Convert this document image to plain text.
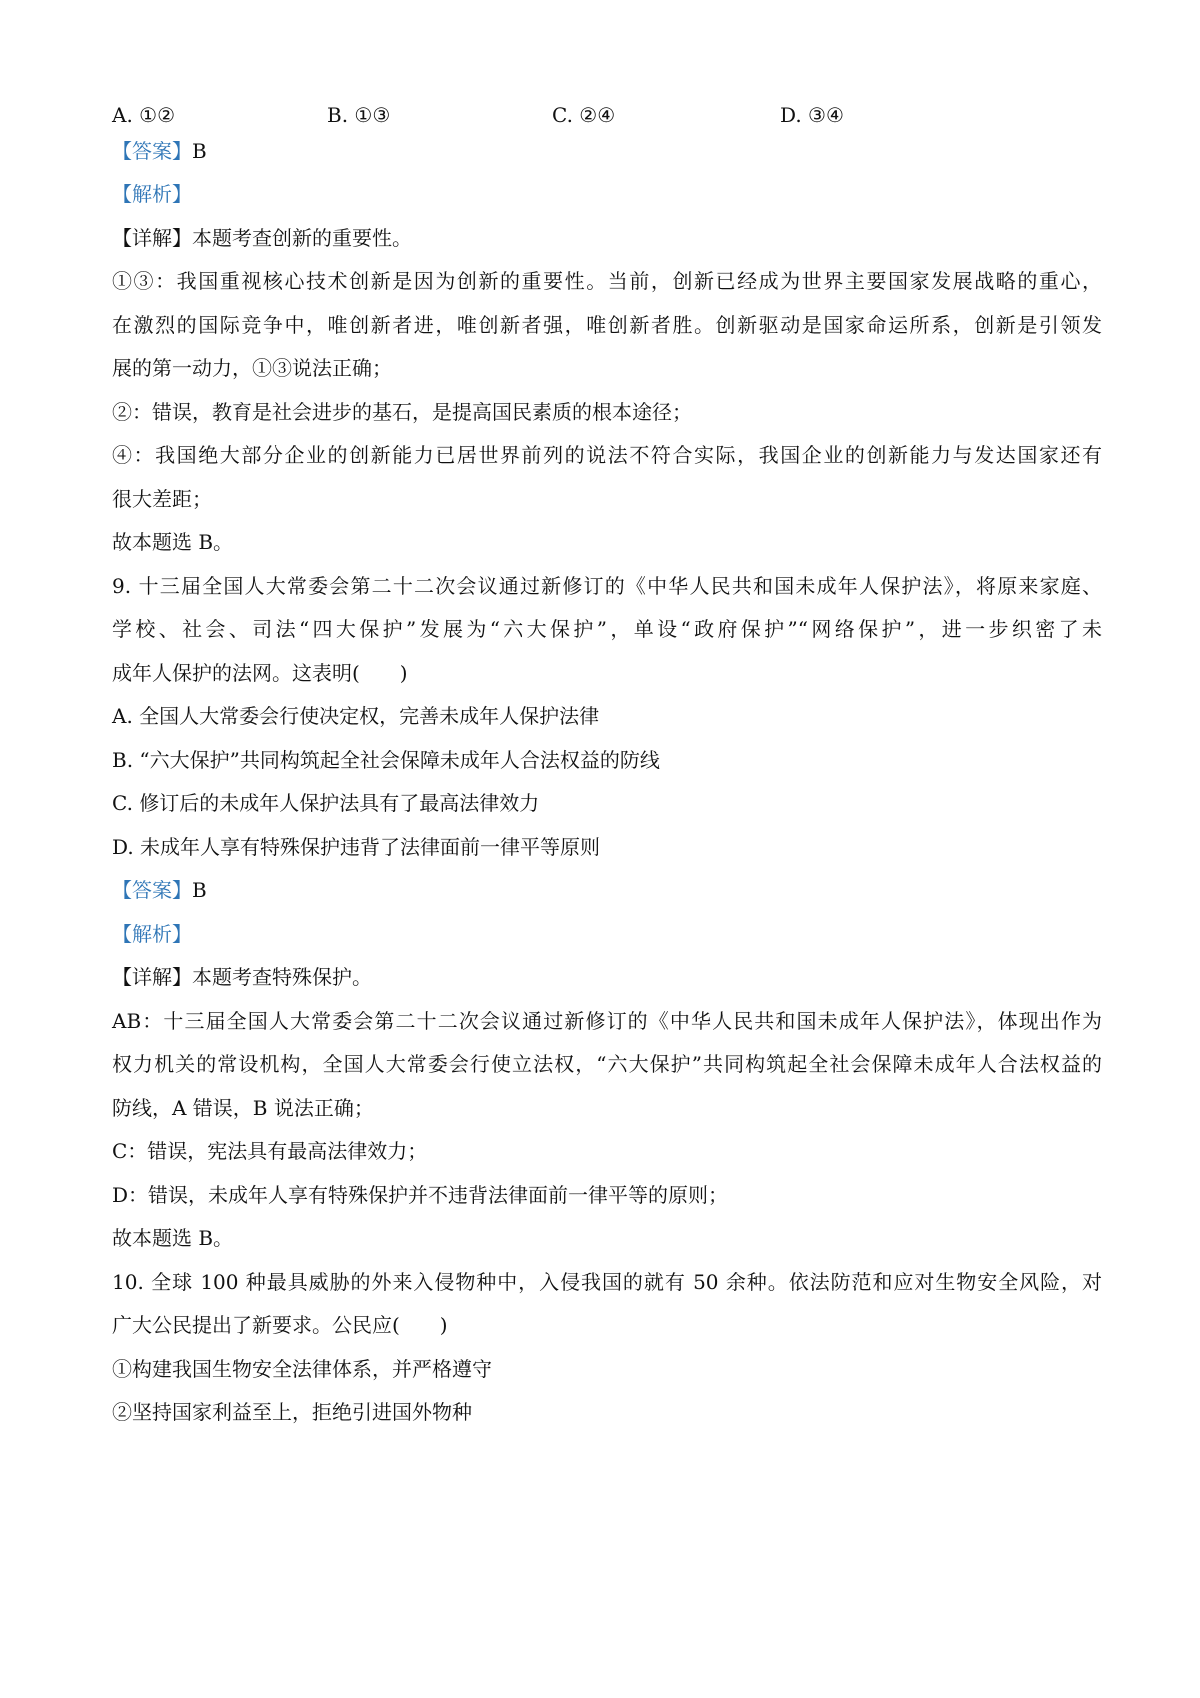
A. ①②	B. ①③	C. ②④	D. ③④
【答案】B
【解析】
【详解】本题考查创新的重要性。
①③：我国重视核心技术创新是因为创新的重要性。当前，创新已经成为世界主要国家发展战略的重心，
在激烈的国际竞争中，唯创新者进，唯创新者强，唯创新者胜。创新驱动是国家命运所系，创新是引领发
展的第一动力，①③说法正确；
②：错误，教育是社会进步的基石，是提高国民素质的根本途径；
④：我国绝大部分企业的创新能力已居世界前列的说法不符合实际，我国企业的创新能力与发达国家还有
很大差距；
故本题选 B。
9. 十三届全国人大常委会第二十二次会议通过新修订的《中华人民共和国未成年人保护法》，将原来家庭、
学校、社会、司法“四大保护”发展为“六大保护”，单设“政府保护”“网络保护”，进一步织密了未
成年人保护的法网。这表明(　　)
A. 全国人大常委会行使决定权，完善未成年人保护法律
B. “六大保护”共同构筑起全社会保障未成年人合法权益的防线
C. 修订后的未成年人保护法具有了最高法律效力
D. 未成年人享有特殊保护违背了法律面前一律平等原则
【答案】B
【解析】
【详解】本题考查特殊保护。
AB：十三届全国人大常委会第二十二次会议通过新修订的《中华人民共和国未成年人保护法》，体现出作为
权力机关的常设机构，全国人大常委会行使立法权，“六大保护”共同构筑起全社会保障未成年人合法权益的
防线，A 错误，B 说法正确；
C：错误，宪法具有最高法律效力；
D：错误，未成年人享有特殊保护并不违背法律面前一律平等的原则；
故本题选 B。
10. 全球 100 种最具威胁的外来入侵物种中，入侵我国的就有 50 余种。依法防范和应对生物安全风险，对
广大公民提出了新要求。公民应(　　)
①构建我国生物安全法律体系，并严格遵守
②坚持国家利益至上，拒绝引进国外物种
